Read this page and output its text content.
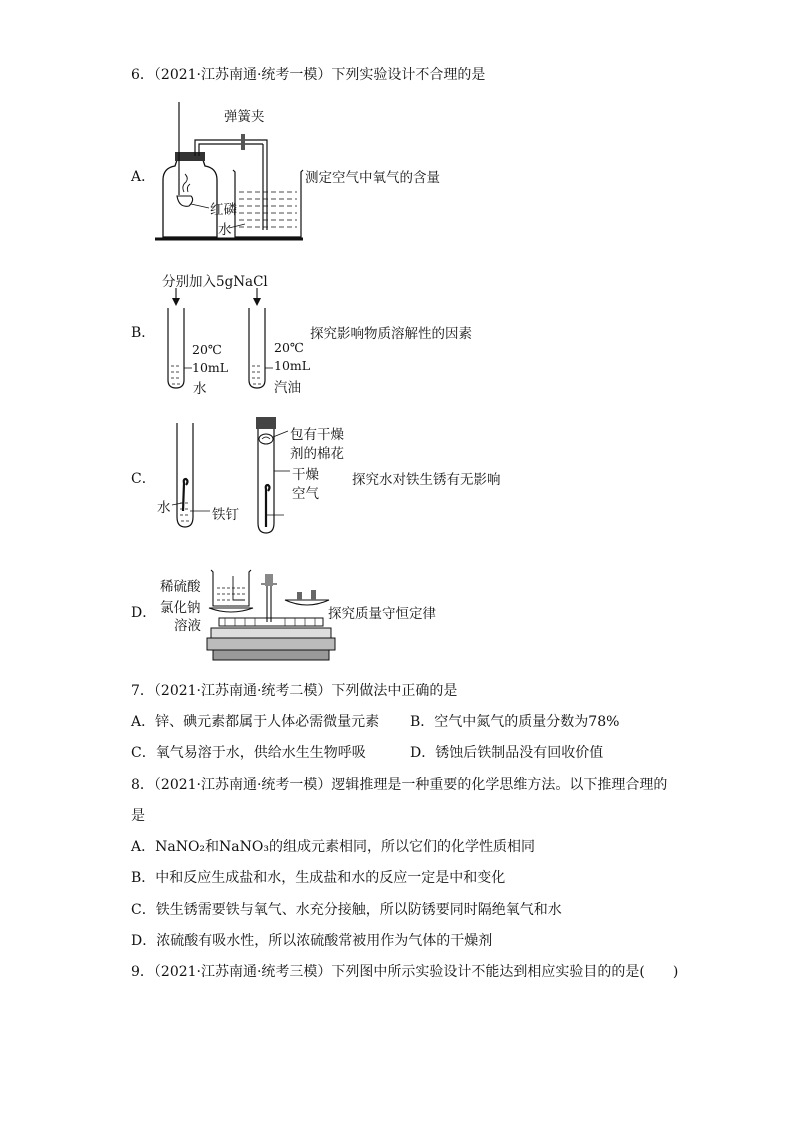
6．（2021·江苏南通·统考一模）下列实验设计不合理的是
A．
弹簧夹
红磷
水
测定空气中氧气的含量
分别加入5gNaCl
B．
20℃
10mL
水
20℃
10mL
汽油
探究影响物质溶解性的因素
C．
包有干燥
剂的棉花
干燥
空气
水	铁钉
探究水对铁生锈有无影响
D．
稀硫酸
氯化钠
溶液
探究质量守恒定律
7．（2021·江苏南通·统考二模）下列做法中正确的是
A．锌、碘元素都属于人体必需微量元素 B．空气中氮气的质量分数为78%
C．氧气易溶于水，供给水生生物呼吸	D．锈蚀后铁制品没有回收价值
8．（2021·江苏南通·统考一模）逻辑推理是一种重要的化学思维方法。以下推理合理的
是
A．NaNO₂和NaNO₃的组成元素相同，所以它们的化学性质相同
B．中和反应生成盐和水，生成盐和水的反应一定是中和变化
C．铁生锈需要铁与氧气、水充分接触，所以防锈要同时隔绝氧气和水
D．浓硫酸有吸水性，所以浓硫酸常被用作为气体的干燥剂
9．（2021·江苏南通·统考三模）下列图中所示实验设计不能达到相应实验目的的是(　　)
